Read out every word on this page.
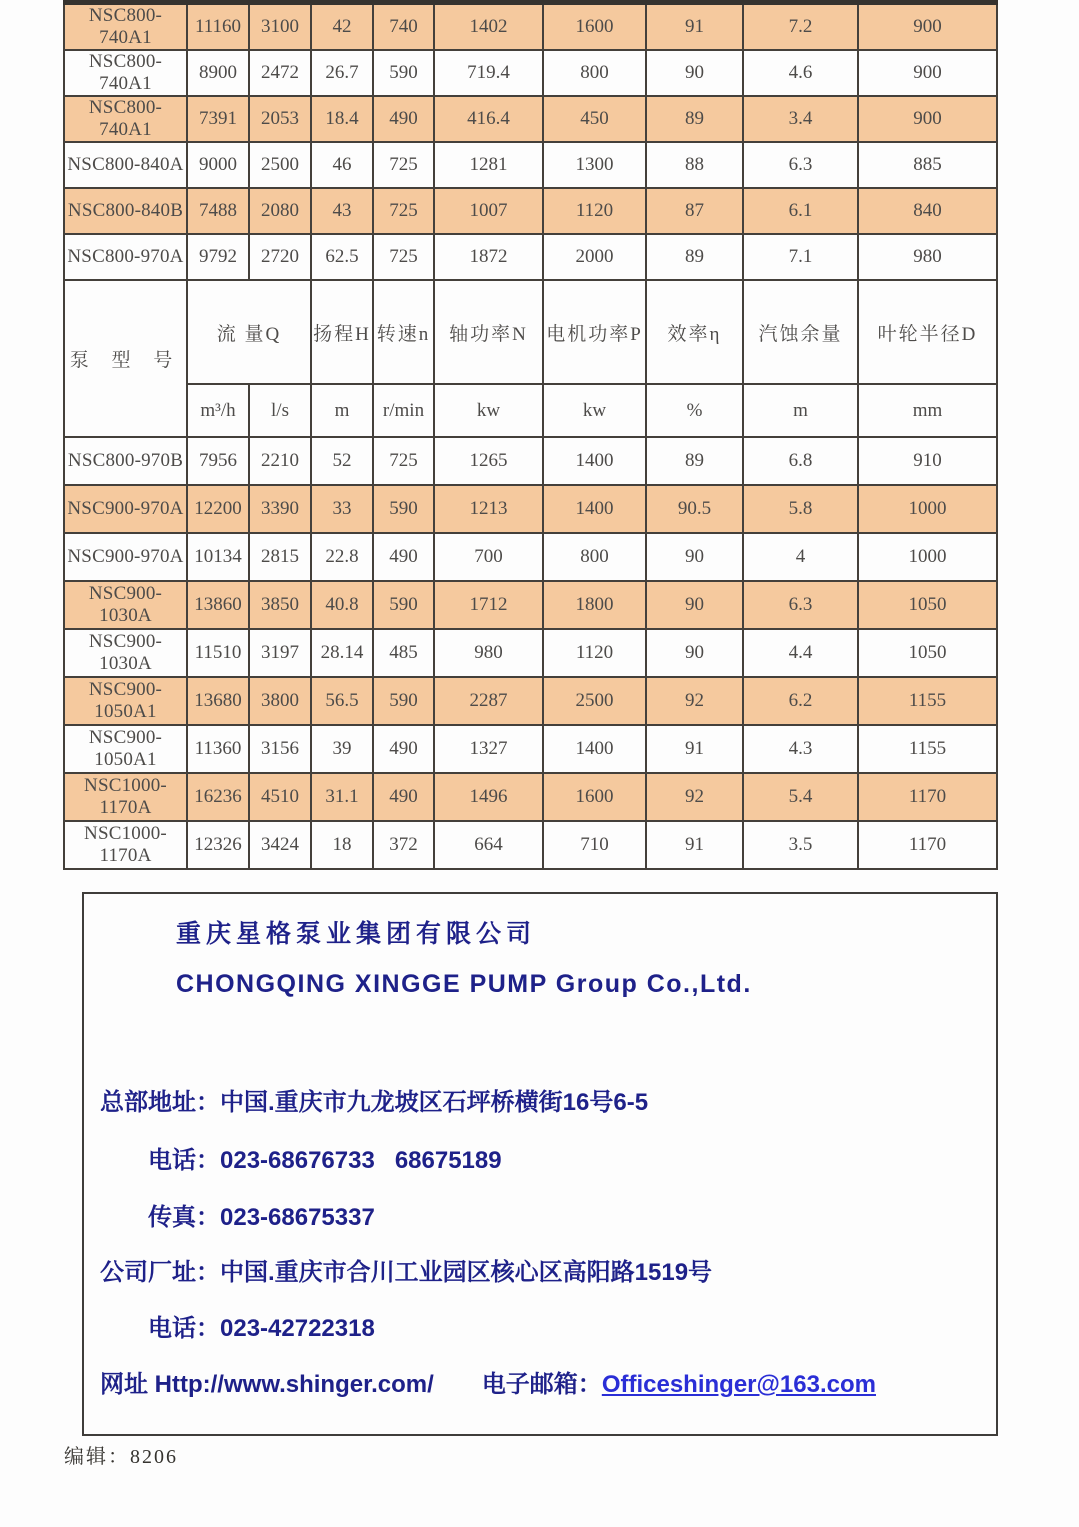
NSC800-740A1	11160	3100	42	740	1402	1600	91	7.2	900
NSC800-740A1	8900	2472	26.7	590	719.4	800	90	4.6	900
NSC800-740A1	7391	2053	18.4	490	416.4	450	89	3.4	900
NSC800-840A	9000	2500	46	725	1281	1300	88	6.3	885
NSC800-840B	7488	2080	43	725	1007	1120	87	6.1	840
NSC800-970A	9792	2720	62.5	725	1872	2000	89	7.1	980
泵 型 号	流 量Q		扬程H	转速n	轴功率N	电机功率P	效率η	汽蚀余量	叶轮半径D
	m³/h	l/s	m	r/min	kw	kw	%	m	mm
NSC800-970B	7956	2210	52	725	1265	1400	89	6.8	910
NSC900-970A	12200	3390	33	590	1213	1400	90.5	5.8	1000
NSC900-970A	10134	2815	22.8	490	700	800	90	4	1000
NSC900-1030A	13860	3850	40.8	590	1712	1800	90	6.3	1050
NSC900-1030A	11510	3197	28.14	485	980	1120	90	4.4	1050
NSC900-1050A1	13680	3800	56.5	590	2287	2500	92	6.2	1155
NSC900-1050A1	11360	3156	39	490	1327	1400	91	4.3	1155
NSC1000-1170A	16236	4510	31.1	490	1496	1600	92	5.4	1170
NSC1000-1170A	12326	3424	18	372	664	710	91	3.5	1170
重庆星格泵业集团有限公司
CHONGQING XINGGE PUMP Group Co.,Ltd.
总部地址：中国.重庆市九龙坡区石坪桥横街16号6-5
电话：023-68676733   68675189
传真：023-68675337
公司厂址：中国.重庆市合川工业园区核心区高阳路1519号
电话：023-42722318
网址 Http://www.shinger.com/ 电子邮箱：Officeshinger@163.com
编辑：8206
